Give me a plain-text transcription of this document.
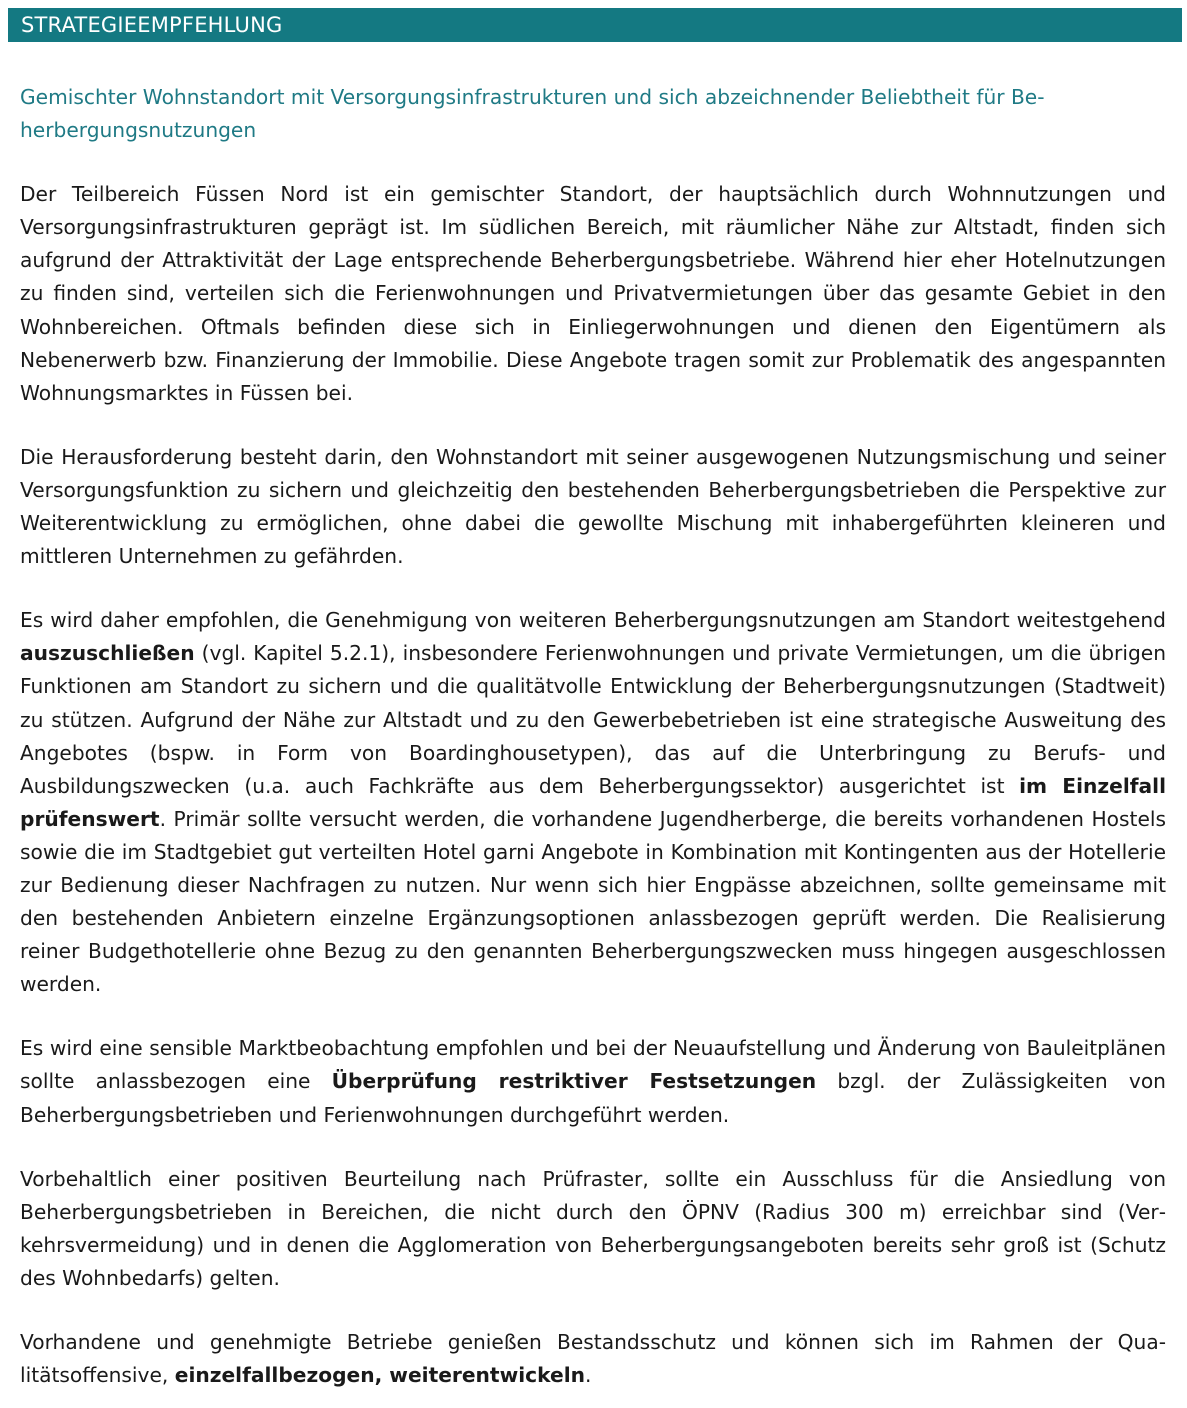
STRATEGIEEMPFEHLUNG

Gemischter Wohnstandort mit Versorgungsinfrastrukturen und sich abzeichnender Beliebtheit für Beherbergungsnutzungen

Der Teilbereich Füssen Nord ist ein gemischter Standort, der hauptsächlich durch Wohnnutzungen und Versorgungsinfrastrukturen geprägt ist. Im südlichen Bereich, mit räumlicher Nähe zur Altstadt, finden sich aufgrund der Attraktivität der Lage entsprechende Beherbergungsbetriebe. Während hier eher Hotelnutzungen zu finden sind, verteilen sich die Ferienwohnungen und Privatvermietungen über das gesamte Gebiet in den Wohnbereichen. Oftmals befinden diese sich in Einliegerwohnungen und dienen den Eigentümern als Nebenerwerb bzw. Finanzierung der Immobilie. Diese Angebote tragen somit zur Problematik des angespannten Wohnungsmarktes in Füssen bei.

Die Herausforderung besteht darin, den Wohnstandort mit seiner ausgewogenen Nutzungsmischung und seiner Versorgungsfunktion zu sichern und gleichzeitig den bestehenden Beherbergungsbetrieben die Perspektive zur Weiterentwicklung zu ermöglichen, ohne dabei die gewollte Mischung mit inhabergeführten kleineren und mittleren Unternehmen zu gefährden.

Es wird daher empfohlen, die Genehmigung von weiteren Beherbergungsnutzungen am Standort weitestgehend auszuschließen (vgl. Kapitel 5.2.1), insbesondere Ferienwohnungen und private Vermietungen, um die übrigen Funktionen am Standort zu sichern und die qualitätvolle Entwicklung der Beherbergungsnutzungen (Stadtweit) zu stützen. Aufgrund der Nähe zur Altstadt und zu den Gewerbebetrieben ist eine strategische Ausweitung des Angebotes (bspw. in Form von Boardinghousetypen), das auf die Unterbringung zu Berufs- und Ausbildungszwecken (u.a. auch Fachkräfte aus dem Beherbergungssektor) ausgerichtet ist im Einzelfall prüfenswert. Primär sollte versucht werden, die vorhandene Jugendherberge, die bereits vorhandenen Hostels sowie die im Stadtgebiet gut verteilten Hotel garni Angebote in Kombination mit Kontingenten aus der Hotellerie zur Bedienung dieser Nachfragen zu nutzen. Nur wenn sich hier Engpässe abzeichnen, sollte gemeinsame mit den bestehenden Anbietern einzelne Ergänzungsoptionen anlassbezogen geprüft werden. Die Realisierung reiner Budgethotellerie ohne Bezug zu den genannten Beherbergungszwecken muss hingegen ausgeschlossen werden.

Es wird eine sensible Marktbeobachtung empfohlen und bei der Neuaufstellung und Änderung von Bauleitplänen sollte anlassbezogen eine Überprüfung restriktiver Festsetzungen bzgl. der Zulässigkeiten von Beherbergungsbetrieben und Ferienwohnungen durchgeführt werden.

Vorbehaltlich einer positiven Beurteilung nach Prüfraster, sollte ein Ausschluss für die Ansiedlung von Beherbergungsbetrieben in Bereichen, die nicht durch den ÖPNV (Radius 300 m) erreichbar sind (Verkehrsvermeidung) und in denen die Agglomeration von Beherbergungsangeboten bereits sehr groß ist (Schutz des Wohnbedarfs) gelten.

Vorhandene und genehmigte Betriebe genießen Bestandsschutz und können sich im Rahmen der Qualitätsoffensive, einzelfallbezogen, weiterentwickeln.
